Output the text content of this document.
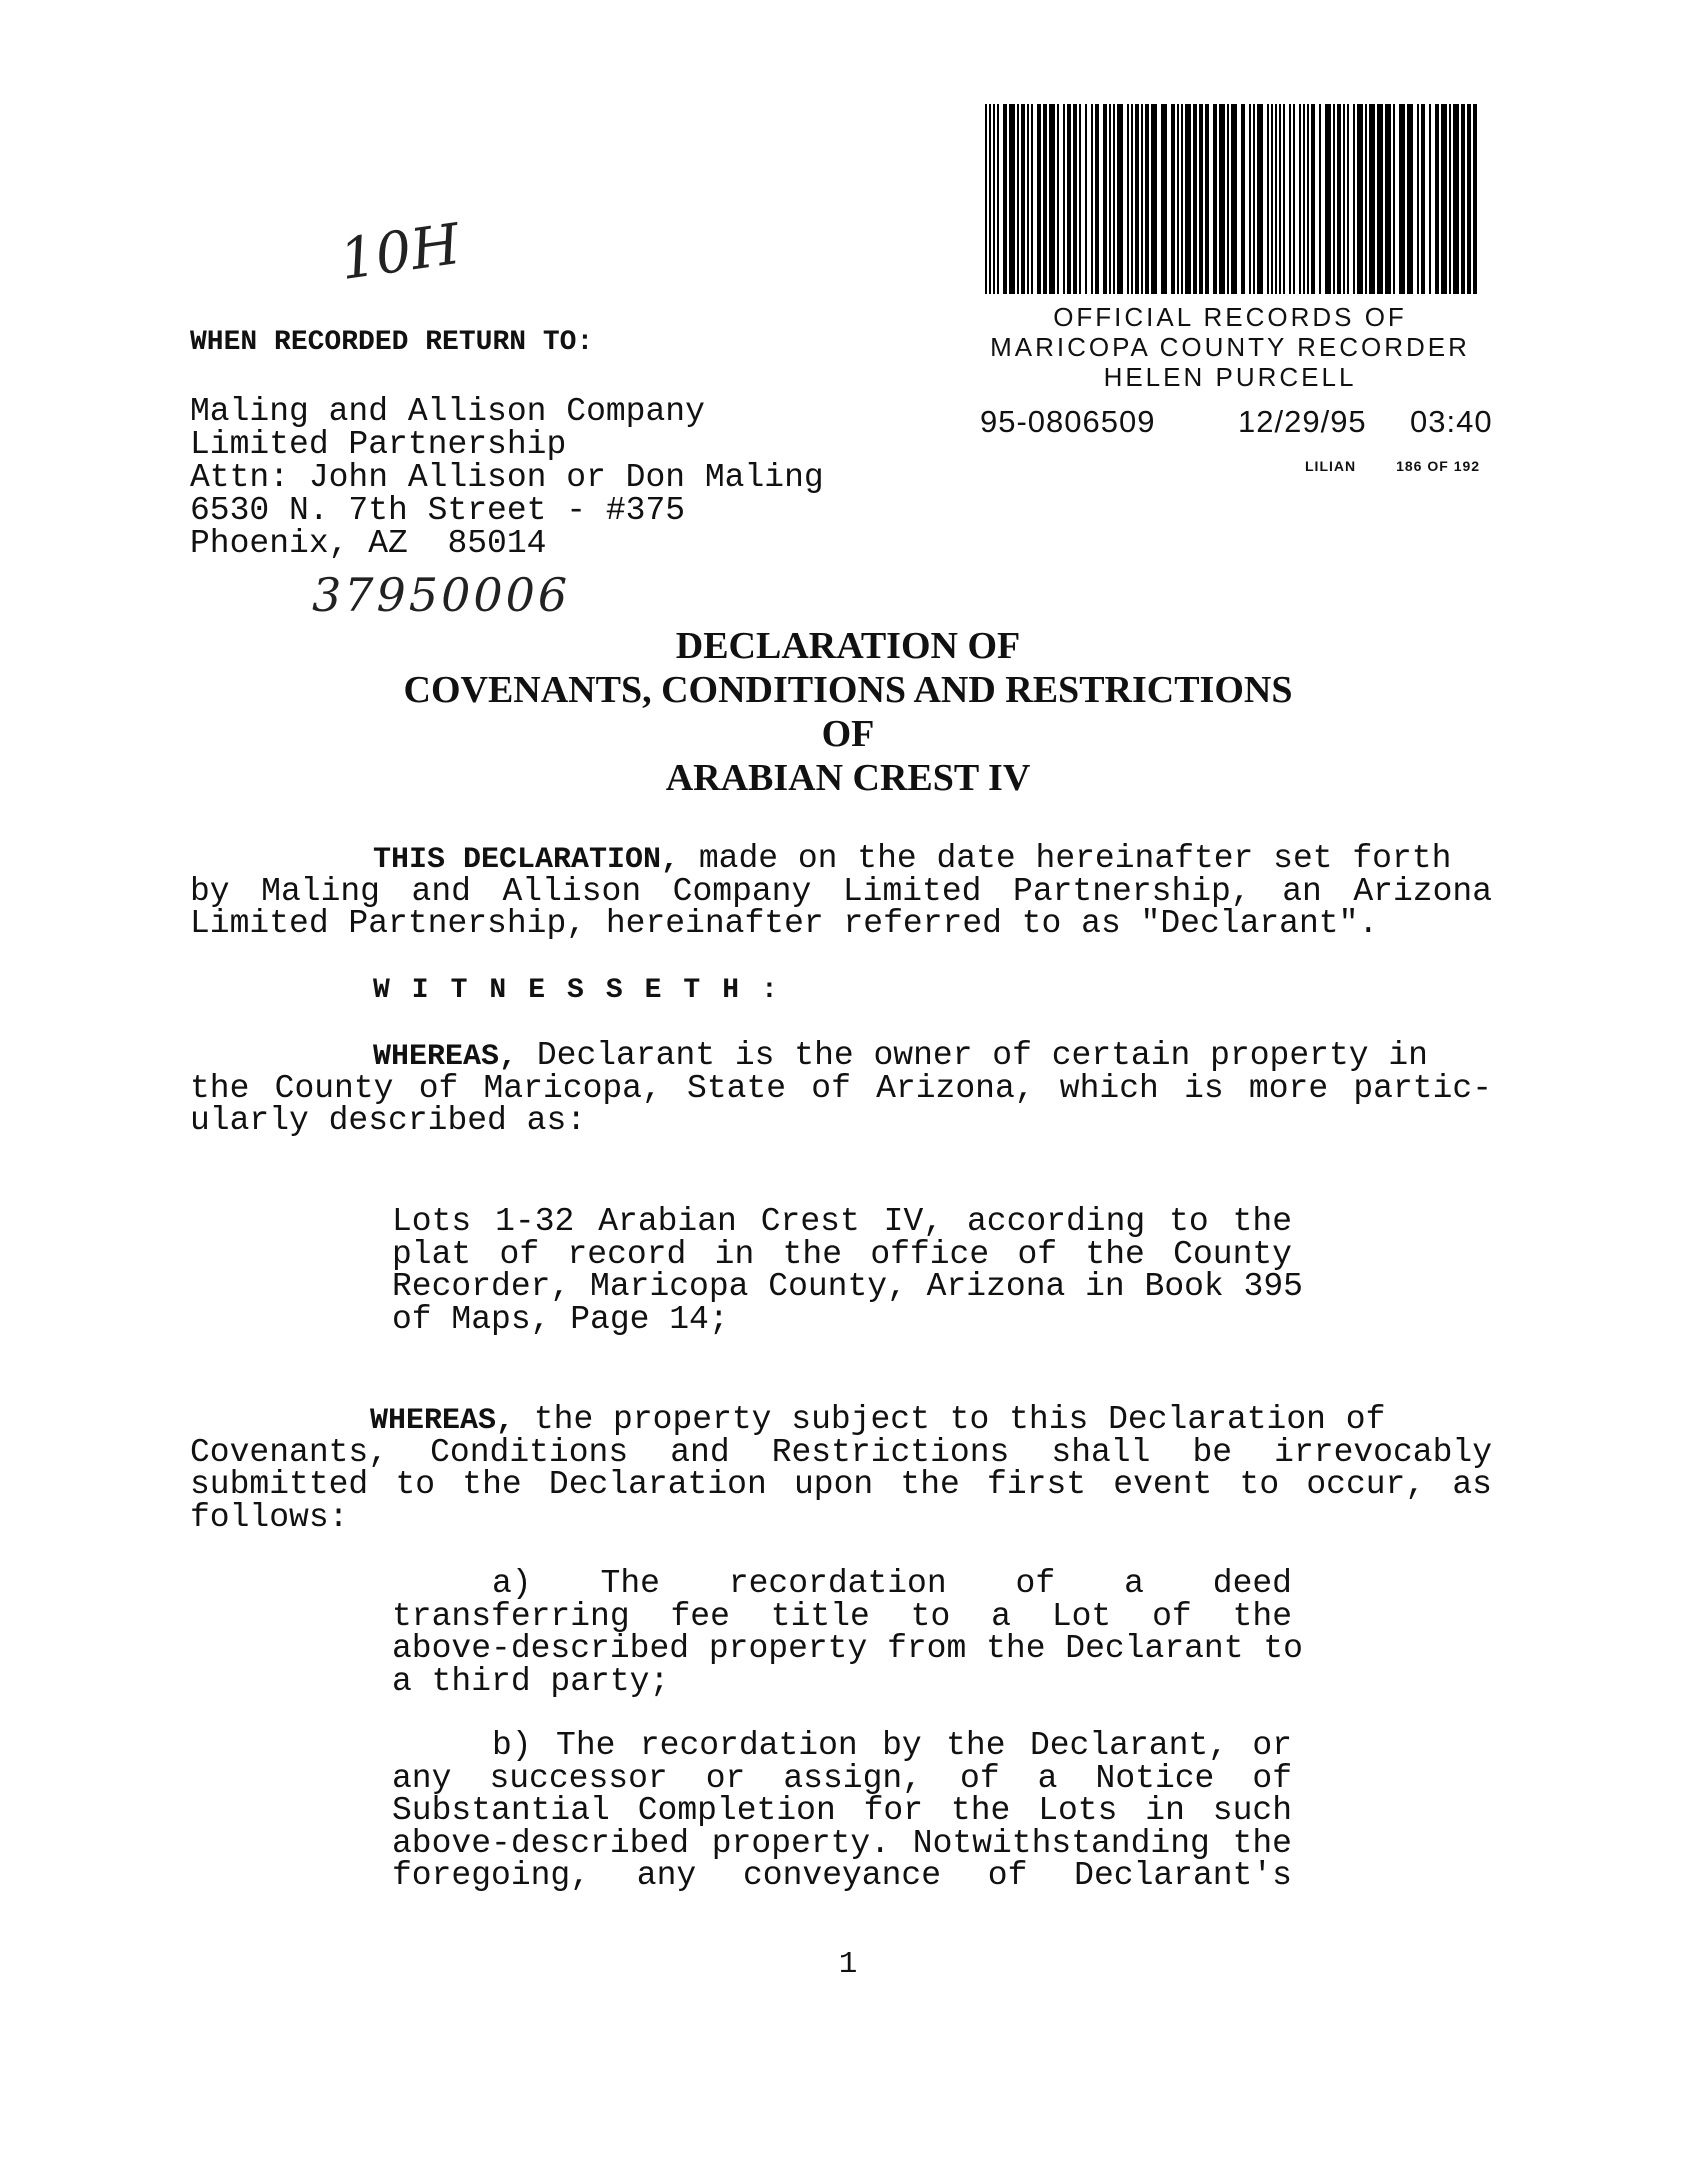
OFFICIAL RECORDS OF
MARICOPA COUNTY RECORDER
HELEN PURCELL
95-0806509	12/29/95 03:40
LILIAN	186 OF 192
10H
WHEN RECORDED RETURN TO:
Maling and Allison Company
Limited Partnership
Attn: John Allison or Don Maling
6530 N. 7th Street - #375
Phoenix, AZ  85014
37950006
DECLARATION OF
COVENANTS, CONDITIONS AND RESTRICTIONS
OF
ARABIAN CREST IV
THIS DECLARATION, made on the date hereinafter set forth
by Maling and Allison Company Limited Partnership, an Arizona
Limited Partnership, hereinafter referred to as "Declarant".
WITNESSETH:
WHEREAS, Declarant is the owner of certain property in
the County of Maricopa, State of Arizona, which is more partic-
ularly described as:
Lots 1-32 Arabian Crest IV, according to the
plat of record in the office of the County
Recorder, Maricopa County, Arizona in Book 395
of Maps, Page 14;
WHEREAS, the property subject to this Declaration of
Covenants, Conditions and Restrictions shall be irrevocably
submitted to the Declaration upon the first event to occur, as
follows:
a) The recordation of a deed
transferring fee title to a Lot of the
above-described property from the Declarant to
a third party;
b) The recordation by the Declarant, or
any successor or assign, of a Notice of
Substantial Completion for the Lots in such
above-described property. Notwithstanding the
foregoing, any conveyance of Declarant's
1
